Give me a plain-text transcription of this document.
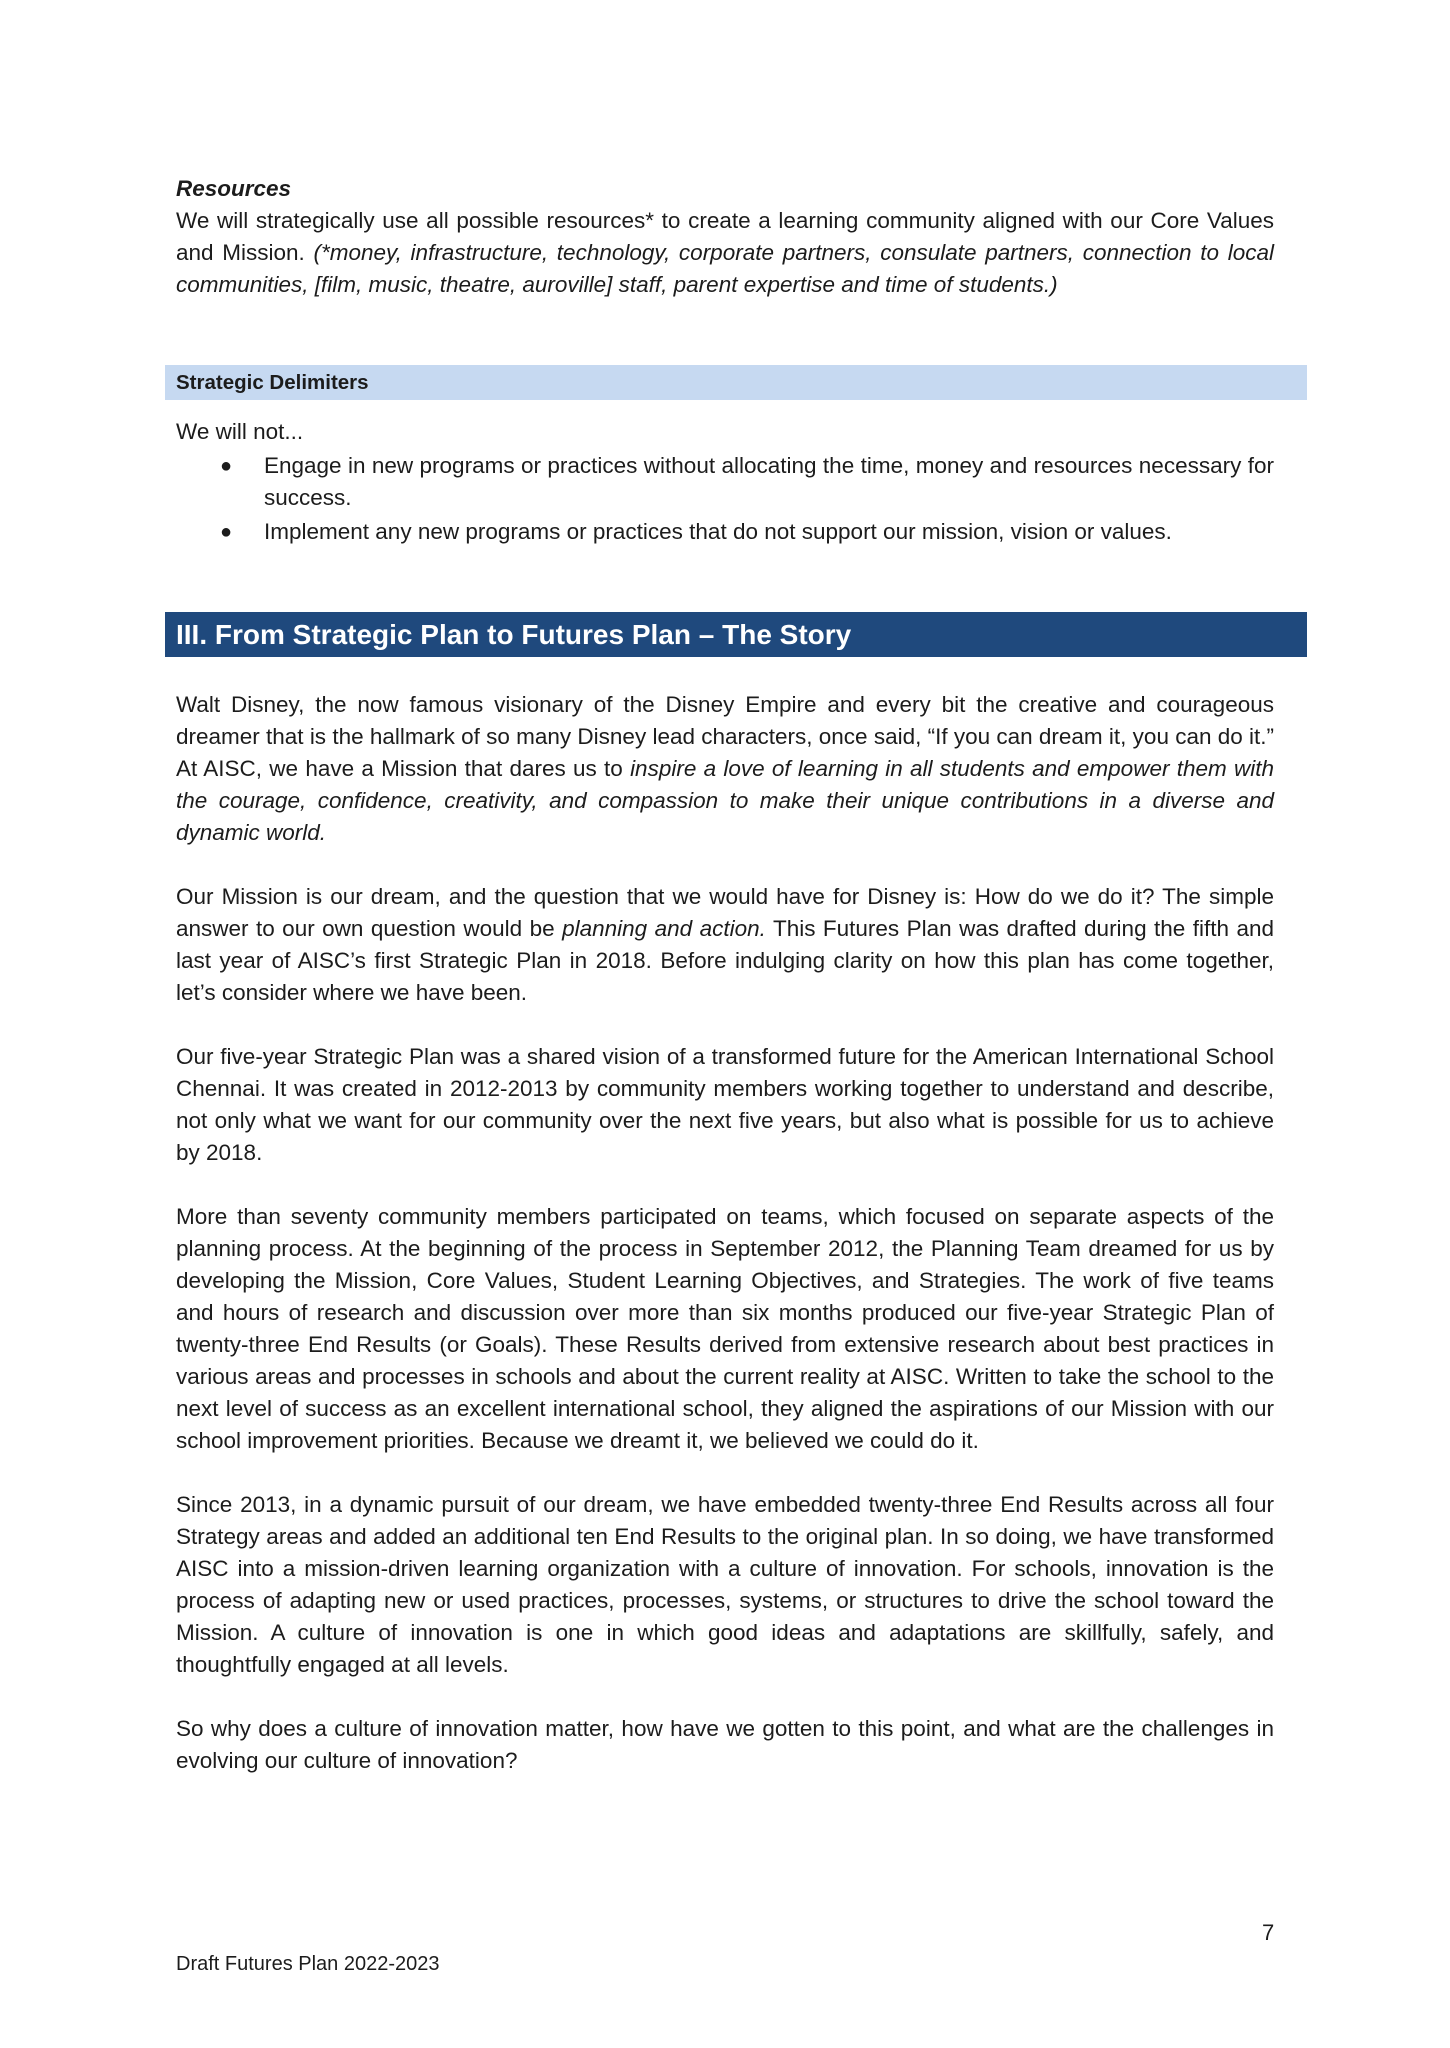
Resources

We will strategically use all possible resources* to create a learning community aligned with our Core Values and Mission. (*money, infrastructure, technology, corporate partners, consulate partners, connection to local communities, [film, music, theatre, auroville] staff, parent expertise and time of students.)

Strategic Delimiters

We will not...

● Engage in new programs or practices without allocating the time, money and resources necessary for success.
● Implement any new programs or practices that do not support our mission, vision or values.
III. From Strategic Plan to Futures Plan – The Story

Walt Disney, the now famous visionary of the Disney Empire and every bit the creative and courageous dreamer that is the hallmark of so many Disney lead characters, once said, “If you can dream it, you can do it.” At AISC, we have a Mission that dares us to inspire a love of learning in all students and empower them with the courage, confidence, creativity, and compassion to make their unique contributions in a diverse and dynamic world.

Our Mission is our dream, and the question that we would have for Disney is: How do we do it? The simple answer to our own question would be planning and action. This Futures Plan was drafted during the fifth and last year of AISC’s first Strategic Plan in 2018. Before indulging clarity on how this plan has come together, let’s consider where we have been.

Our five-year Strategic Plan was a shared vision of a transformed future for the American International School Chennai. It was created in 2012-2013 by community members working together to understand and describe, not only what we want for our community over the next five years, but also what is possible for us to achieve by 2018.

More than seventy community members participated on teams, which focused on separate aspects of the planning process. At the beginning of the process in September 2012, the Planning Team dreamed for us by developing the Mission, Core Values, Student Learning Objectives, and Strategies. The work of five teams and hours of research and discussion over more than six months produced our five-year Strategic Plan of twenty-three End Results (or Goals). These Results derived from extensive research about best practices in various areas and processes in schools and about the current reality at AISC. Written to take the school to the next level of success as an excellent international school, they aligned the aspirations of our Mission with our school improvement priorities. Because we dreamt it, we believed we could do it.

Since 2013, in a dynamic pursuit of our dream, we have embedded twenty-three End Results across all four Strategy areas and added an additional ten End Results to the original plan. In so doing, we have transformed AISC into a mission-driven learning organization with a culture of innovation. For schools, innovation is the process of adapting new or used practices, processes, systems, or structures to drive the school toward the Mission. A culture of innovation is one in which good ideas and adaptations are skillfully, safely, and thoughtfully engaged at all levels.

So why does a culture of innovation matter, how have we gotten to this point, and what are the challenges in evolving our culture of innovation?

7
Draft Futures Plan 2022-2023
